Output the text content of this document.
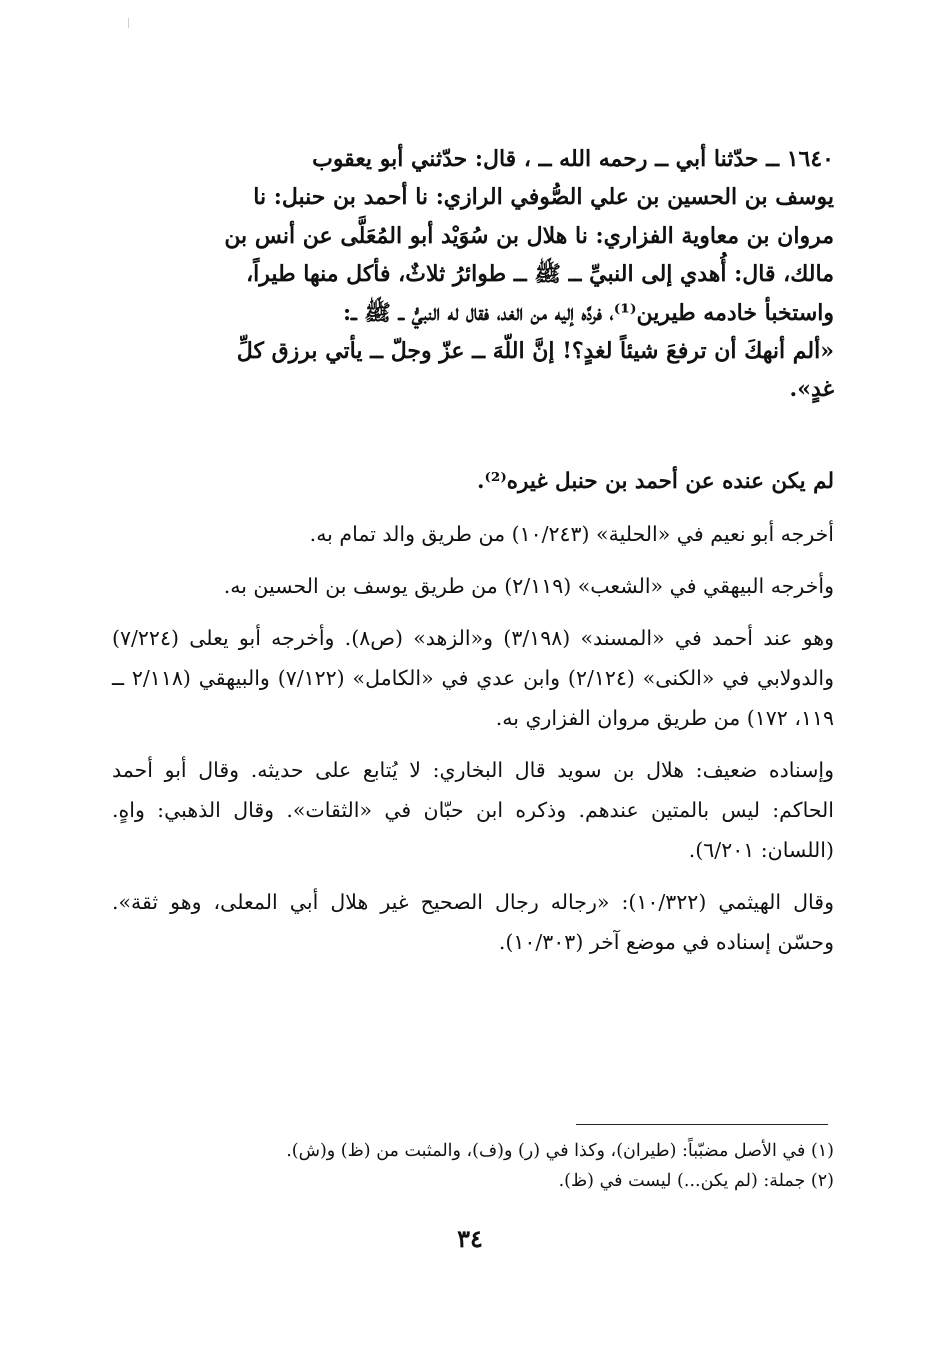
١٦٤٠ ــ حدّثنا أبي ــ رحمه الله ــ ، قال: حدّثني أبو يعقوب

يوسف بن الحسين بن علي الصُّوفي الرازي: نا أحمد بن حنبل: نا

مروان بن معاوية الفزاري: نا هلال بن سُوَيْد أبو المُعَلَّى عن أنس بن

مالك، قال: أُهدي إلى النبيِّ ــ ﷺ ــ طوائرُ ثلاثٌ، فأكل منها طيراً،

واستخبأ خادمه طيرين⁽¹⁾، فردَّه إليه من الغد، فقال له النبيُّ ــ ﷺ ــ:

«ألم أنهكَ أن ترفعَ شيئاً لغدٍ؟! إنَّ اللّهَ ــ عزّ وجلّ ــ يأتي برزق كلِّ

غدٍ».

لم يكن عنده عن أحمد بن حنبل غيره⁽²⁾.

أخرجه أبو نعيم في «الحلية» (١٠/٢٤٣) من طريق والد تمام به.

وأخرجه البيهقي في «الشعب» (٢/١١٩) من طريق يوسف بن الحسين به.

وهو عند أحمد في «المسند» (٣/١٩٨) و«الزهد» (ص٨). وأخرجه أبو يعلى (٧/٢٢٤) والدولابي في «الكنى» (٢/١٢٤) وابن عدي في «الكامل» (٧/١٢٢) والبيهقي (٢/١١٨ ــ ١١٩، ١٧٢) من طريق مروان الفزاري به.

وإسناده ضعيف: هلال بن سويد قال البخاري: لا يُتابع على حديثه. وقال أبو أحمد الحاكم: ليس بالمتين عندهم. وذكره ابن حبّان في «الثقات». وقال الذهبي: واهٍ. (اللسان: ٦/٢٠١).

وقال الهيثمي (١٠/٣٢٢): «رجاله رجال الصحيح غير هلال أبي المعلى، وهو ثقة». وحسّن إسناده في موضع آخر (١٠/٣٠٣).

(١) في الأصل مضبّباً: (طيران)، وكذا في (ر) و(ف)، والمثبت من (ظ) و(ش).

(٢) جملة: (لم يكن...) ليست في (ظ).

٣٤
